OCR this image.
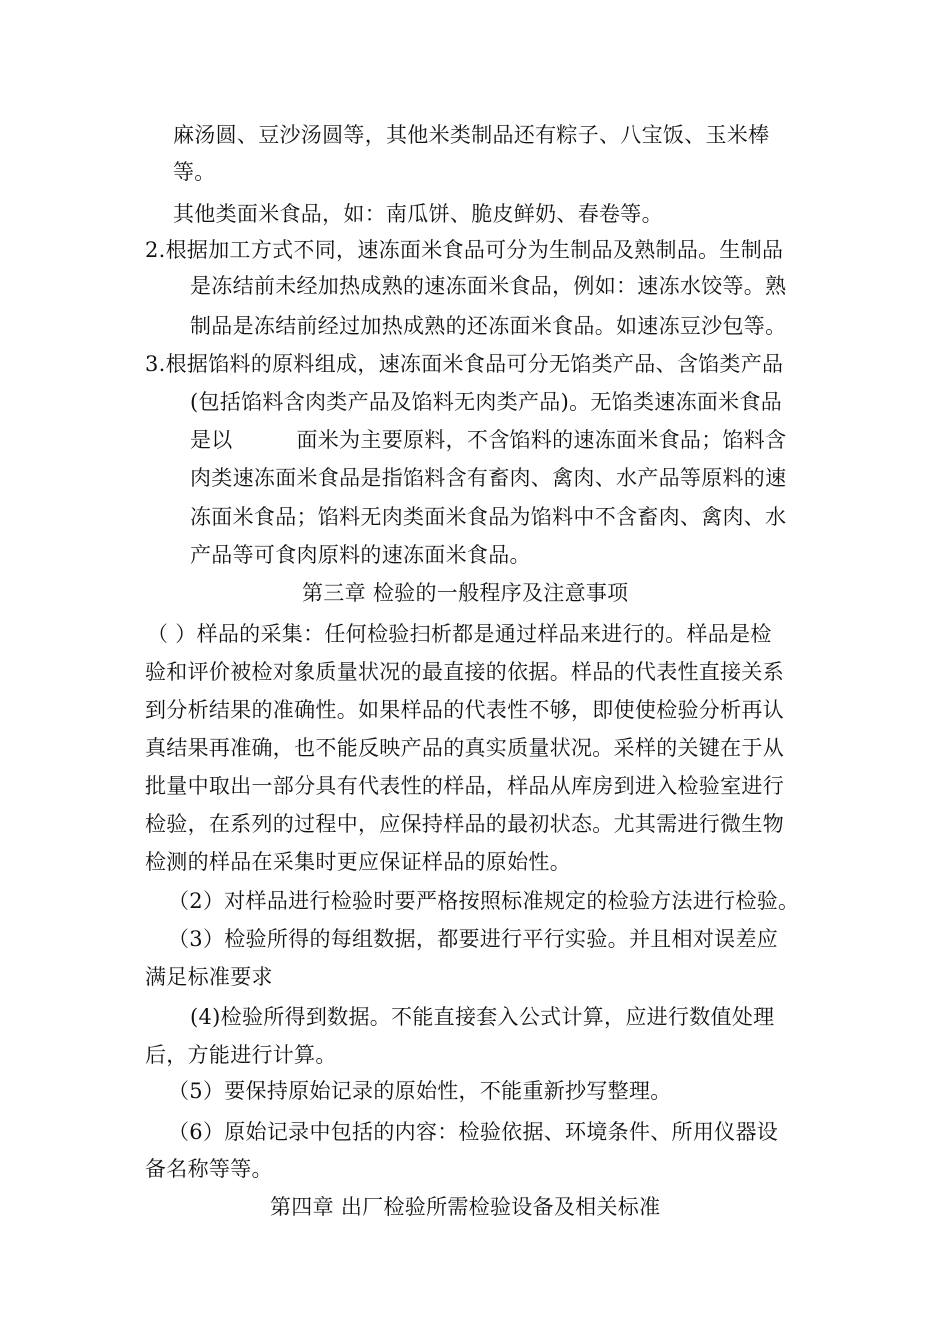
麻汤圆、豆沙汤圆等，其他米类制品还有粽子、八宝饭、玉米棒
等。
其他类面米食品，如：南瓜饼、脆皮鲜奶、春卷等。
2.根据加工方式不同，速冻面米食品可分为生制品及熟制品。生制品
是冻结前未经加热成熟的速冻面米食品，例如：速冻水饺等。熟
制品是冻结前经过加热成熟的还冻面米食品。如速冻豆沙包等。
3.根据馅料的原料组成，速冻面米食品可分无馅类产品、含馅类产品
(包括馅料含肉类产品及馅料无肉类产品)。无馅类速冻面米食品
是以　　　面米为主要原料，不含馅料的速冻面米食品；馅料含
肉类速冻面米食品是指馅料含有畜肉、禽肉、水产品等原料的速
冻面米食品；馅料无肉类面米食品为馅料中不含畜肉、禽肉、水
产品等可食肉原料的速冻面米食品。
第三章 检验的一般程序及注意事项
（ ）样品的采集：任何检验扫析都是通过样品来进行的。样品是检
验和评价被检对象质量状况的最直接的依据。样品的代表性直接关系
到分析结果的准确性。如果样品的代表性不够，即使使检验分析再认
真结果再准确，也不能反映产品的真实质量状况。采样的关键在于从
批量中取出一部分具有代表性的样品，样品从库房到进入检验室进行
检验，在系列的过程中，应保持样品的最初状态。尤其需进行微生物
检测的样品在采集时更应保证样品的原始性。
（2）对样品进行检验时要严格按照标准规定的检验方法进行检验。
（3）检验所得的每组数据，都要进行平行实验。并且相对误差应
满足标准要求
(4)检验所得到数据。不能直接套入公式计算，应进行数值处理
后，方能进行计算。
（5）要保持原始记录的原始性，不能重新抄写整理。
（6）原始记录中包括的内容：检验依据、环境条件、所用仪器设
备名称等等。
第四章 出厂检验所需检验设备及相关标准
